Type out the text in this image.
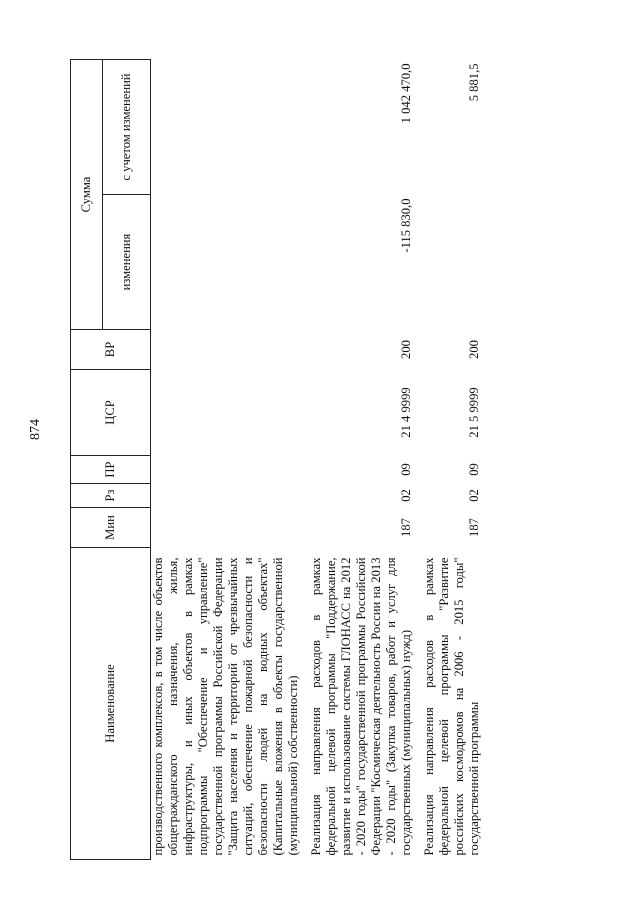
874
Наименование	Мин	Рз	ПР	ЦСР	ВР	Сумма	
						изменения	с учетом изменений
производственного комплексов, в том числе объектов общегражданского назначения, жилья, инфраструктуры, и иных объектов в рамках подпрограммы "Обеспечение и управление" государственной программы Российской Федерации "Защита населения и территорий от чрезвычайных ситуаций, обеспечение пожарной безопасности и безопасности людей на водных объектах" (Капитальные вложения в объекты государственной (муниципальной) собственности)							
Реализация направления расходов в рамках федеральной целевой программы "Поддержание, развитие и использование системы ГЛОНАСС на 2012 - 2020 годы" государственной программы Российской Федерации "Космическая деятельность России на 2013 - 2020 годы" (Закупка товаров, работ и услуг для государственных (муниципальных) нужд)	187	02	09	21 4 9999	200	-115 830,0	1 042 470,0
Реализация направления расходов в рамках федеральной целевой программы "Развитие российских космодромов на 2006 - 2015 годы" государственной программы	187	02	09	21 5 9999	200		5 881,5
